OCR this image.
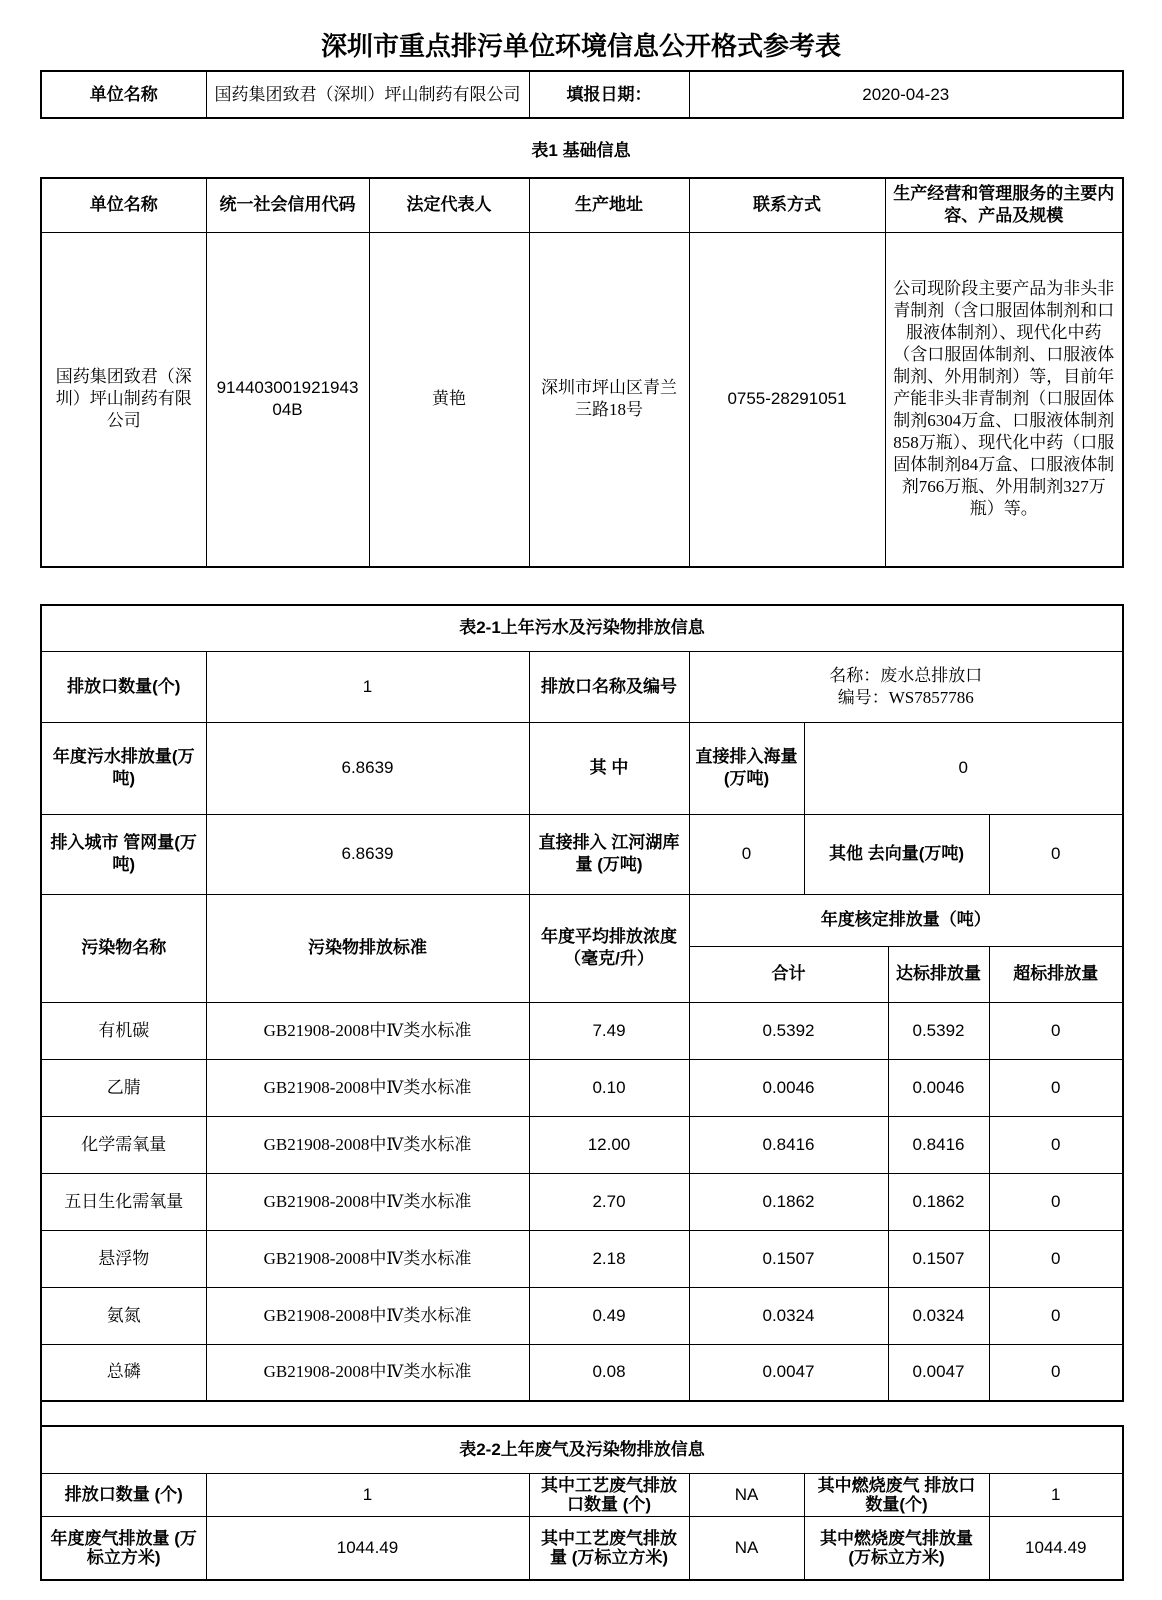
深圳市重点排污单位环境信息公开格式参考表
单位名称	国药集团致君（深圳）坪山制药有限公司	填报日期：	2020-04-23
表1 基础信息
单位名称	统一社会信用代码	法定代表人	生产地址	联系方式	生产经营和管理服务的主要内容、产品及规模
国药集团致君（深圳）坪山制药有限公司	91440300192194304B	黄艳	深圳市坪山区青兰三路18号	0755-28291051	公司现阶段主要产品为非头非青制剂（含口服固体制剂和口服液体制剂）、现代化中药（含口服固体制剂、口服液体制剂、外用制剂）等，目前年产能非头非青制剂（口服固体制剂6304万盒、口服液体制剂858万瓶）、现代化中药（口服固体制剂84万盒、口服液体制剂766万瓶、外用制剂327万瓶）等。
表2-1上年污水及污染物排放信息						
排放口数量(个)	1	排放口名称及编号	名称：废水总排放口
编号：WS7857786			

年度污水排放量(万吨)	6.8639	其 中	直接排入海量(万吨)	0		
排入城市 管网量(万吨)	6.8639	直接排入 江河湖库量 (万吨)	0	其他 去向量(万吨)		0
污染物名称	污染物排放标准	年度平均排放浓度（毫克/升）	年度核定排放量（吨）			
			合计		达标排放量	超标排放量
有机碳	GB21908-2008中Ⅳ类水标准	7.49	0.5392		0.5392	0
乙腈	GB21908-2008中Ⅳ类水标准	0.10	0.0046		0.0046	0
化学需氧量	GB21908-2008中Ⅳ类水标准	12.00	0.8416		0.8416	0
五日生化需氧量	GB21908-2008中Ⅳ类水标准	2.70	0.1862		0.1862	0
悬浮物	GB21908-2008中Ⅳ类水标准	2.18	0.1507		0.1507	0
氨氮	GB21908-2008中Ⅳ类水标准	0.49	0.0324		0.0324	0
总磷	GB21908-2008中Ⅳ类水标准	0.08	0.0047		0.0047	0
表2-2上年废气及污染物排放信息					
排放口数量 (个)	1	其中工艺废气排放口数量 (个)	NA	其中燃烧废气 排放口数量(个)	1
年度废气排放量 (万标立方米)	1044.49	其中工艺废气排放量 (万标立方米)	NA	其中燃烧废气排放量 (万标立方米)	1044.49
